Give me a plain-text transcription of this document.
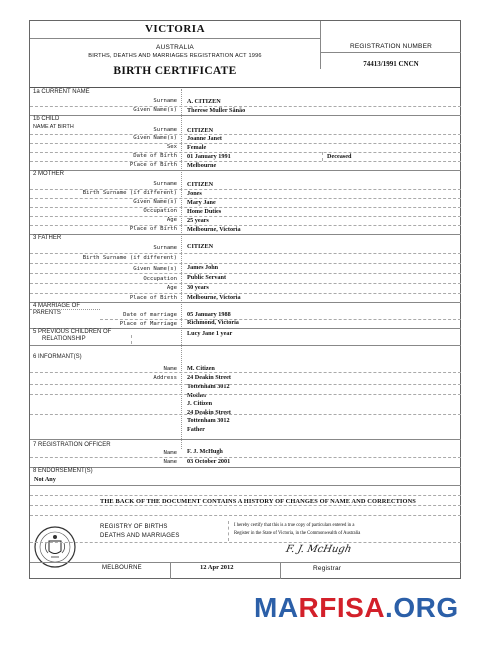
VICTORIA
AUSTRALIA
BIRTHS, DEATHS AND MARRIAGES REGISTRATION ACT 1996
BIRTH CERTIFICATE
REGISTRATION NUMBER
74413/1991 CNCN
1a CURRENT NAME
Surname A. CITIZEN
Given Name(s) Therese Muller Sãnão
1b CHILD
NAME AT BIRTH	Surname CITIZEN
Given Name(s) Joanne Janet
Sex Female
Date of Birth 01 January 1991	Deceased
Place of Birth Melbourne
2 MOTHER
Surname CITIZEN
Birth Surname (if different) Jones
Given Name(s) Mary Jane
Occupation Home Duties
Age 25 years
Place of Birth Melbourne, Victoria
3 FATHER
Surname CITIZEN
Birth Surname (if different)
Given Name(s) James John
Occupation Public Servant
Age 30 years
Place of Birth Melbourne, Victoria
4 MARRIAGE OF
PARENTS	Date of marriage 05 January 1988
Place of Marriage Richmond, Victoria
5 PREVIOUS CHILDREN OF
RELATIONSHIP
Lucy Jane 1 year
6 INFORMANT(S)
Name M. Citizen
Address 24 Deakin Street
Tottenham 3012
Mother
J. Citizen
24 Deakin Street
Tottenham 3012
Father
7 REGISTRATION OFFICER
Name F. J. McHugh
Name 03 October 2001
8 ENDORSEMENT(S)
Not Any
THE BACK OF THE DOCUMENT CONTAINS A HISTORY OF CHANGES OF NAME AND CORRECTIONS
REGISTRY OF BIRTHS
DEATHS AND MARRIAGES
I hereby certify that this is a true copy of particulars entered in a
Register in the State of Victoria, in the Commonwealth of Australia
F. J. McHugh
MELBOURNE	12 Apr 2012	Registrar
MARFISA.ORG
